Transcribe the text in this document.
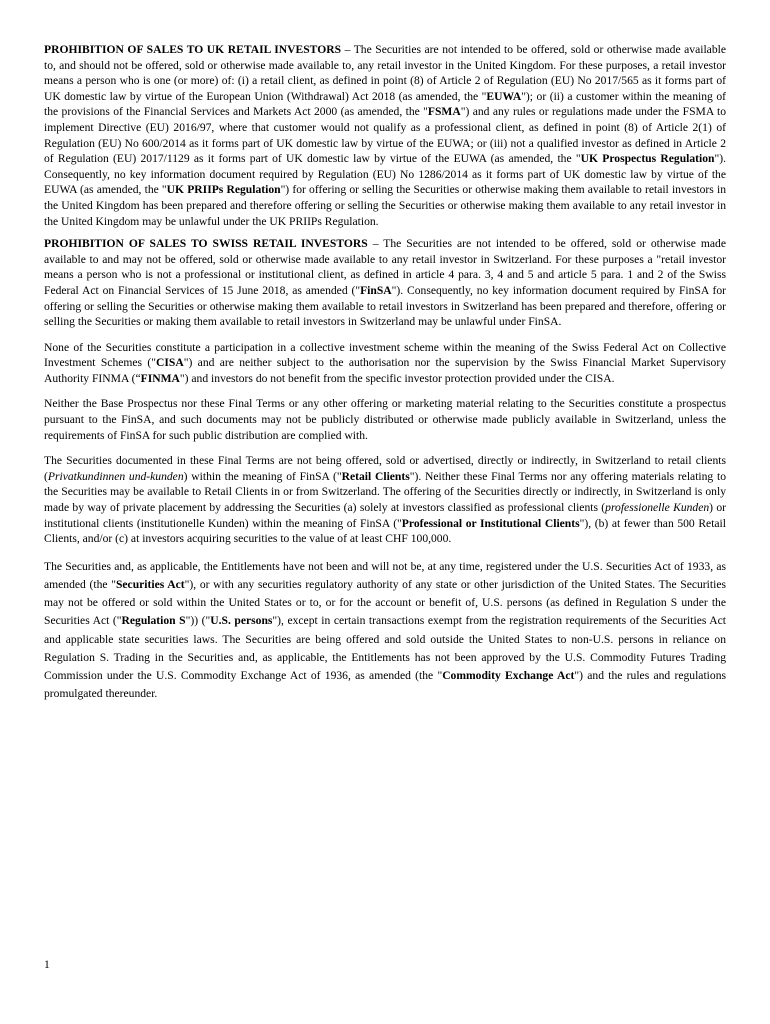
PROHIBITION OF SALES TO UK RETAIL INVESTORS – The Securities are not intended to be offered, sold or otherwise made available to, and should not be offered, sold or otherwise made available to, any retail investor in the United Kingdom. For these purposes, a retail investor means a person who is one (or more) of: (i) a retail client, as defined in point (8) of Article 2 of Regulation (EU) No 2017/565 as it forms part of UK domestic law by virtue of the European Union (Withdrawal) Act 2018 (as amended, the "EUWA"); or (ii) a customer within the meaning of the provisions of the Financial Services and Markets Act 2000 (as amended, the "FSMA") and any rules or regulations made under the FSMA to implement Directive (EU) 2016/97, where that customer would not qualify as a professional client, as defined in point (8) of Article 2(1) of Regulation (EU) No 600/2014 as it forms part of UK domestic law by virtue of the EUWA; or (iii) not a qualified investor as defined in Article 2 of Regulation (EU) 2017/1129 as it forms part of UK domestic law by virtue of the EUWA (as amended, the "UK Prospectus Regulation"). Consequently, no key information document required by Regulation (EU) No 1286/2014 as it forms part of UK domestic law by virtue of the EUWA (as amended, the "UK PRIIPs Regulation") for offering or selling the Securities or otherwise making them available to retail investors in the United Kingdom has been prepared and therefore offering or selling the Securities or otherwise making them available to any retail investor in the United Kingdom may be unlawful under the UK PRIIPs Regulation.

PROHIBITION OF SALES TO SWISS RETAIL INVESTORS – The Securities are not intended to be offered, sold or otherwise made available to and may not be offered, sold or otherwise made available to any retail investor in Switzerland. For these purposes a "retail investor means a person who is not a professional or institutional client, as defined in article 4 para. 3, 4 and 5 and article 5 para. 1 and 2 of the Swiss Federal Act on Financial Services of 15 June 2018, as amended ("FinSA"). Consequently, no key information document required by FinSA for offering or selling the Securities or otherwise making them available to retail investors in Switzerland has been prepared and therefore, offering or selling the Securities or making them available to retail investors in Switzerland may be unlawful under FinSA.

None of the Securities constitute a participation in a collective investment scheme within the meaning of the Swiss Federal Act on Collective Investment Schemes ("CISA") and are neither subject to the authorisation nor the supervision by the Swiss Financial Market Supervisory Authority FINMA (“FINMA") and investors do not benefit from the specific investor protection provided under the CISA.

Neither the Base Prospectus nor these Final Terms or any other offering or marketing material relating to the Securities constitute a prospectus pursuant to the FinSA, and such documents may not be publicly distributed or otherwise made publicly available in Switzerland, unless the requirements of FinSA for such public distribution are complied with.

The Securities documented in these Final Terms are not being offered, sold or advertised, directly or indirectly, in Switzerland to retail clients (Privatkundinnen und-kunden) within the meaning of FinSA ("Retail Clients"). Neither these Final Terms nor any offering materials relating to the Securities may be available to Retail Clients in or from Switzerland. The offering of the Securities directly or indirectly, in Switzerland is only made by way of private placement by addressing the Securities (a) solely at investors classified as professional clients (professionelle Kunden) or institutional clients (institutionelle Kunden) within the meaning of FinSA ("Professional or Institutional Clients"), (b) at fewer than 500 Retail Clients, and/or (c) at investors acquiring securities to the value of at least CHF 100,000.

The Securities and, as applicable, the Entitlements have not been and will not be, at any time, registered under the U.S. Securities Act of 1933, as amended (the "Securities Act"), or with any securities regulatory authority of any state or other jurisdiction of the United States. The Securities may not be offered or sold within the United States or to, or for the account or benefit of, U.S. persons (as defined in Regulation S under the Securities Act ("Regulation S")) ("U.S. persons"), except in certain transactions exempt from the registration requirements of the Securities Act and applicable state securities laws. The Securities are being offered and sold outside the United States to non-U.S. persons in reliance on Regulation S. Trading in the Securities and, as applicable, the Entitlements has not been approved by the U.S. Commodity Futures Trading Commission under the U.S. Commodity Exchange Act of 1936, as amended (the "Commodity Exchange Act") and the rules and regulations promulgated thereunder.

1
